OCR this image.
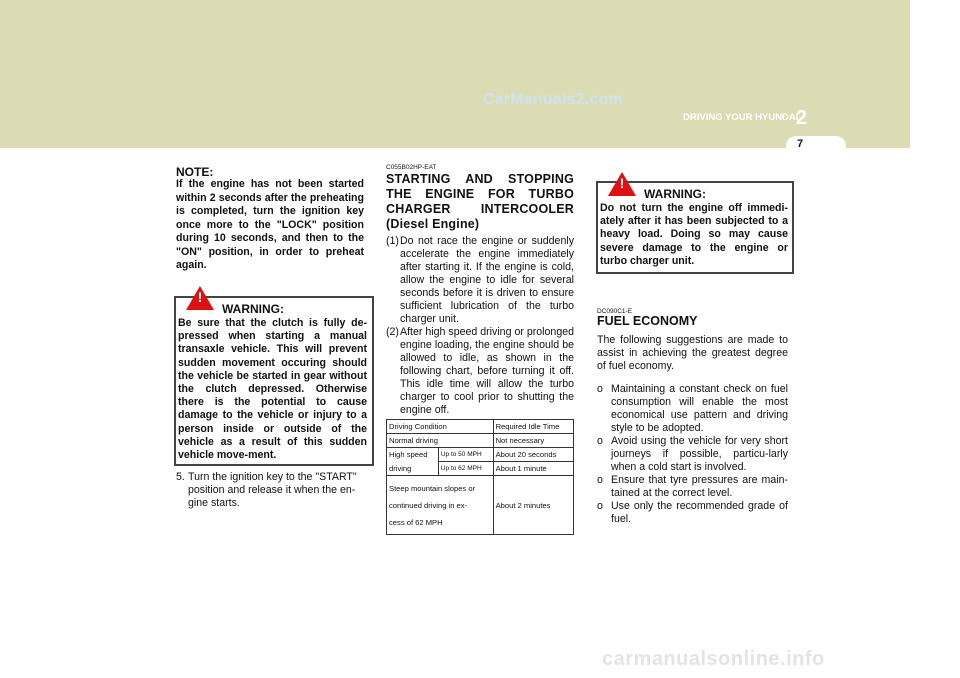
CarManuals2.com
DRIVING YOUR HYUNDAI
2
7
NOTE:
If the engine has not been started within 2 seconds after the preheating is completed, turn the ignition key once more to the "LOCK" position during 10 seconds, and then to the "ON" position, in order to preheat again.
!
WARNING:
Be sure that the clutch is fully de-pressed when starting a manual transaxle vehicle. This will prevent sudden movement occuring should the vehicle be started in gear without the clutch depressed. Otherwise there is the potential to cause damage to the vehicle or injury to a person inside or outside of the vehicle as a result of this sudden vehicle move-ment.
5. Turn the ignition key to the "START" position and release it when the en-gine starts.
C055B02HP-EAT
STARTING AND STOPPING THE ENGINE FOR TURBO CHARGER INTERCOOLER (Diesel Engine)
(1) Do not race the engine or suddenly accelerate the engine immediately after starting it. If the engine is cold, allow the engine to idle for several seconds before it is driven to ensure sufficient lubrication of the turbo charger unit.
(2) After high speed driving or prolonged engine loading, the engine should be allowed to idle, as shown in the following chart, before turning it off. This idle time will allow the turbo charger to cool prior to shutting the engine off.
Driving Condition		Required Idle Time
Normal driving		Not necessary
High speed	Up to 50 MPH	About 20 seconds
driving	Up to 62 MPH	About 1 minute

Steep mountain slopes or
continued driving in ex-
cess of 62 MPH		About 2 minutes
!
WARNING:
Do not turn the engine off immedi-ately after it has been subjected to a heavy load. Doing so may cause severe damage to the engine or turbo charger unit.
DC090C1-E
FUEL ECONOMY
The following suggestions are made to assist in achieving the greatest degree of fuel economy.
o Maintaining a constant check on fuel consumption will enable the most economical use pattern and driving style to be adopted.
o Avoid using the vehicle for very short journeys if possible, particu-larly when a cold start is involved.
o Ensure that tyre pressures are main-tained at the correct level.
o Use only the recommended grade of fuel.
carmanualsonline.info
